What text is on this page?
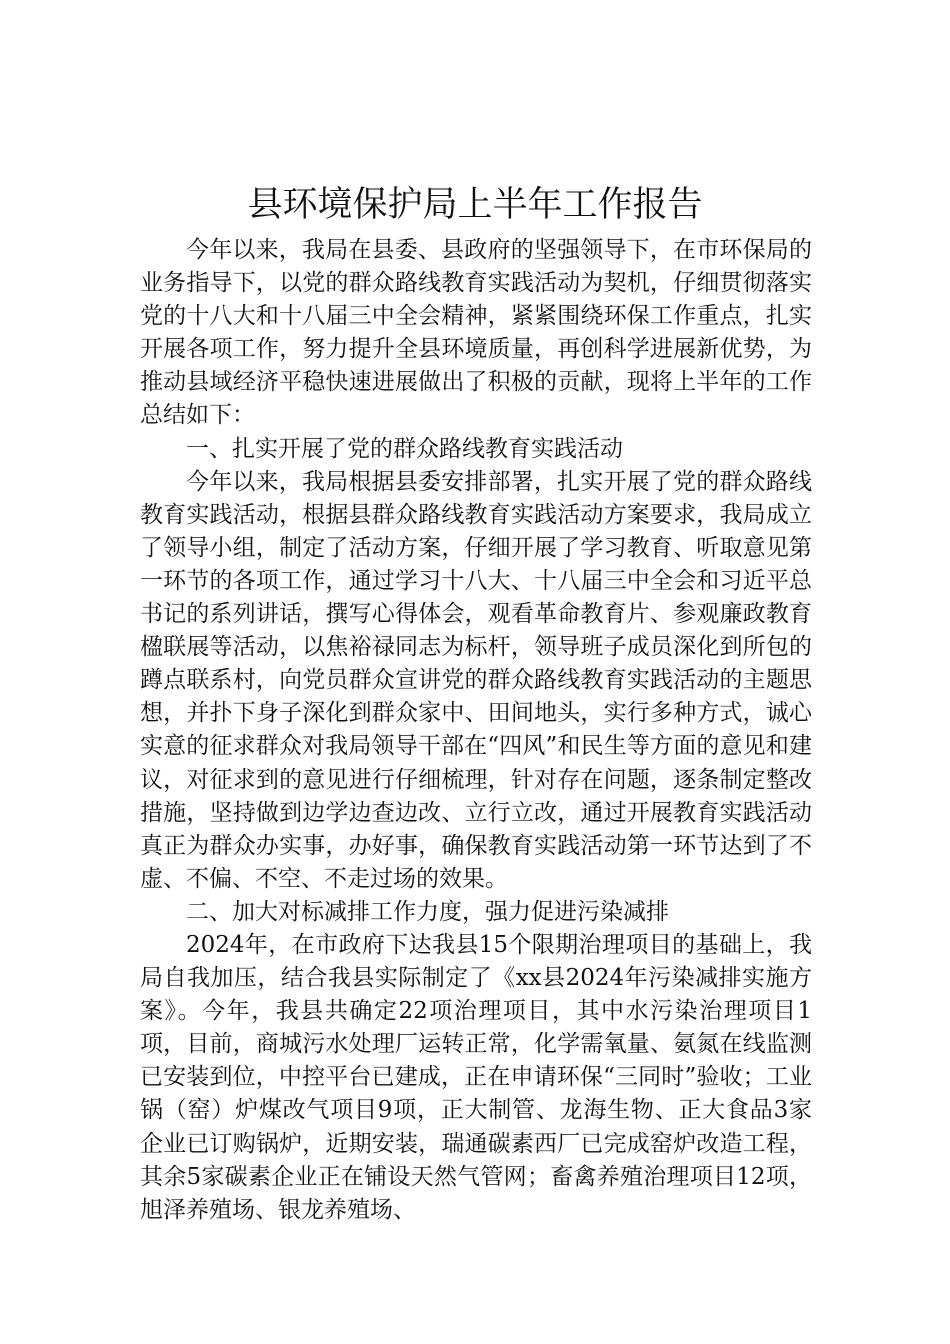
县环境保护局上半年工作报告

今年以来，我局在县委、县政府的坚强领导下，在市环保局的业务指导下，以党的群众路线教育实践活动为契机，仔细贯彻落实党的十八大和十八届三中全会精神，紧紧围绕环保工作重点，扎实开展各项工作，努力提升全县环境质量，再创科学进展新优势，为推动县域经济平稳快速进展做出了积极的贡献，现将上半年的工作总结如下：

一、扎实开展了党的群众路线教育实践活动

今年以来，我局根据县委安排部署，扎实开展了党的群众路线教育实践活动，根据县群众路线教育实践活动方案要求，我局成立了领导小组，制定了活动方案，仔细开展了学习教育、听取意见第一环节的各项工作，通过学习十八大、十八届三中全会和习近平总书记的系列讲话，撰写心得体会，观看革命教育片、参观廉政教育楹联展等活动，以焦裕禄同志为标杆，领导班子成员深化到所包的蹲点联系村，向党员群众宣讲党的群众路线教育实践活动的主题思想，并扑下身子深化到群众家中、田间地头，实行多种方式，诚心实意的征求群众对我局领导干部在“四风”和民生等方面的意见和建议，对征求到的意见进行仔细梳理，针对存在问题，逐条制定整改措施，坚持做到边学边查边改、立行立改，通过开展教育实践活动真正为群众办实事，办好事，确保教育实践活动第一环节达到了不虚、不偏、不空、不走过场的效果。

二、加大对标减排工作力度，强力促进污染减排

2024年，在市政府下达我县15个限期治理项目的基础上，我局自我加压，结合我县实际制定了《xx县2024年污染减排实施方案》。今年，我县共确定22项治理项目，其中水污染治理项目1项，目前，商城污水处理厂运转正常，化学需氧量、氨氮在线监测已安装到位，中控平台已建成，正在申请环保“三同时”验收；工业锅（窑）炉煤改气项目9项，正大制管、龙海生物、正大食品3家企业已订购锅炉，近期安装，瑞通碳素西厂已完成窑炉改造工程，其余5家碳素企业正在铺设天然气管网；畜禽养殖治理项目12项，旭泽养殖场、银龙养殖场、
